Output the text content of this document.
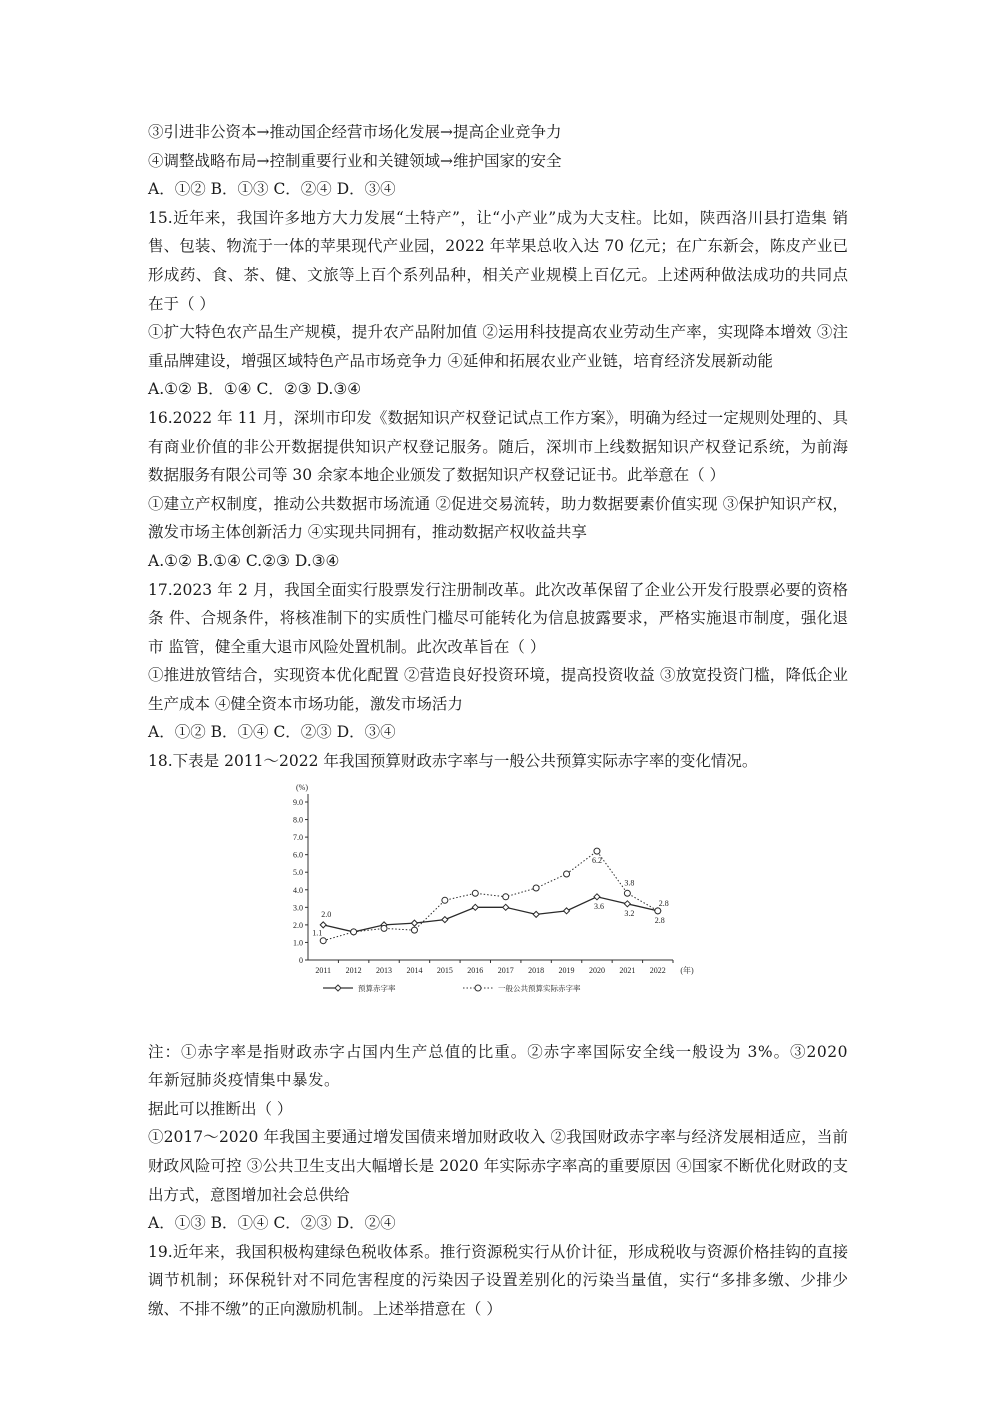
③引进非公资本→推动国企经营市场化发展→提高企业竞争力

④调整战略布局→控制重要行业和关键领域→维护国家的安全

A．①② B．①③ C．②④ D．③④

15.近年来，我国许多地方大力发展“土特产”，让“小产业”成为大支柱。比如，陕西洛川县打造集 销售、包装、物流于一体的苹果现代产业园，2022 年苹果总收入达 70 亿元；在广东新会，陈皮产业已 形成药、食、茶、健、文旅等上百个系列品种，相关产业规模上百亿元。上述两种做法成功的共同点 在于（ ）

①扩大特色农产品生产规模，提升农产品附加值 ②运用科技提高农业劳动生产率，实现降本增效 ③注重品牌建设，增强区域特色产品市场竞争力 ④延伸和拓展农业产业链，培育经济发展新动能

A.①② B．①④ C．②③ D.③④

16.2022 年 11 月，深圳市印发《数据知识产权登记试点工作方案》，明确为经过一定规则处理的、具 有商业价值的非公开数据提供知识产权登记服务。随后，深圳市上线数据知识产权登记系统，为前海 数据服务有限公司等 30 余家本地企业颁发了数据知识产权登记证书。此举意在（ ）

①建立产权制度，推动公共数据市场流通 ②促进交易流转，助力数据要素价值实现 ③保护知识产权，激发市场主体创新活力 ④实现共同拥有，推动数据产权收益共享

A.①② B.①④ C.②③ D.③④

17.2023 年 2 月，我国全面实行股票发行注册制改革。此次改革保留了企业公开发行股票必要的资格条 件、合规条件，将核准制下的实质性门槛尽可能转化为信息披露要求，严格实施退市制度，强化退市 监管，健全重大退市风险处置机制。此次改革旨在（ ）

①推进放管结合，实现资本优化配置 ②营造良好投资环境，提高投资收益 ③放宽投资门槛，降低企业生产成本 ④健全资本市场功能，激发市场活力

A．①② B．①④ C．②③ D．③④

18.下表是 2011～2022 年我国预算财政赤字率与一般公共预算实际赤字率的变化情况。

0
1.0
2.0
3.0
4.0
5.0
6.0
7.0
8.0
9.0
(%)
2011 2012 2013 2014 2015 2016 2017 2018 2019 2020 2021 2022 (年)
2.0
3.6
3.2
2.8
1.1
6.2
3.8
2.8
预算赤字率	一般公共预算实际赤字率

注：①赤字率是指财政赤字占国内生产总值的比重。②赤字率国际安全线一般设为 3%。③2020 年新冠肺炎疫情集中暴发。

据此可以推断出（ ）

①2017～2020 年我国主要通过增发国债来增加财政收入 ②我国财政赤字率与经济发展相适应，当前财政风险可控 ③公共卫生支出大幅增长是 2020 年实际赤字率高的重要原因 ④国家不断优化财政的支出方式，意图增加社会总供给

A．①③ B．①④ C．②③ D．②④

19.近年来，我国积极构建绿色税收体系。推行资源税实行从价计征，形成税收与资源价格挂钩的直接 调节机制；环保税针对不同危害程度的污染因子设置差别化的污染当量值，实行“多排多缴、少排少 缴、不排不缴”的正向激励机制。上述举措意在（ ）
